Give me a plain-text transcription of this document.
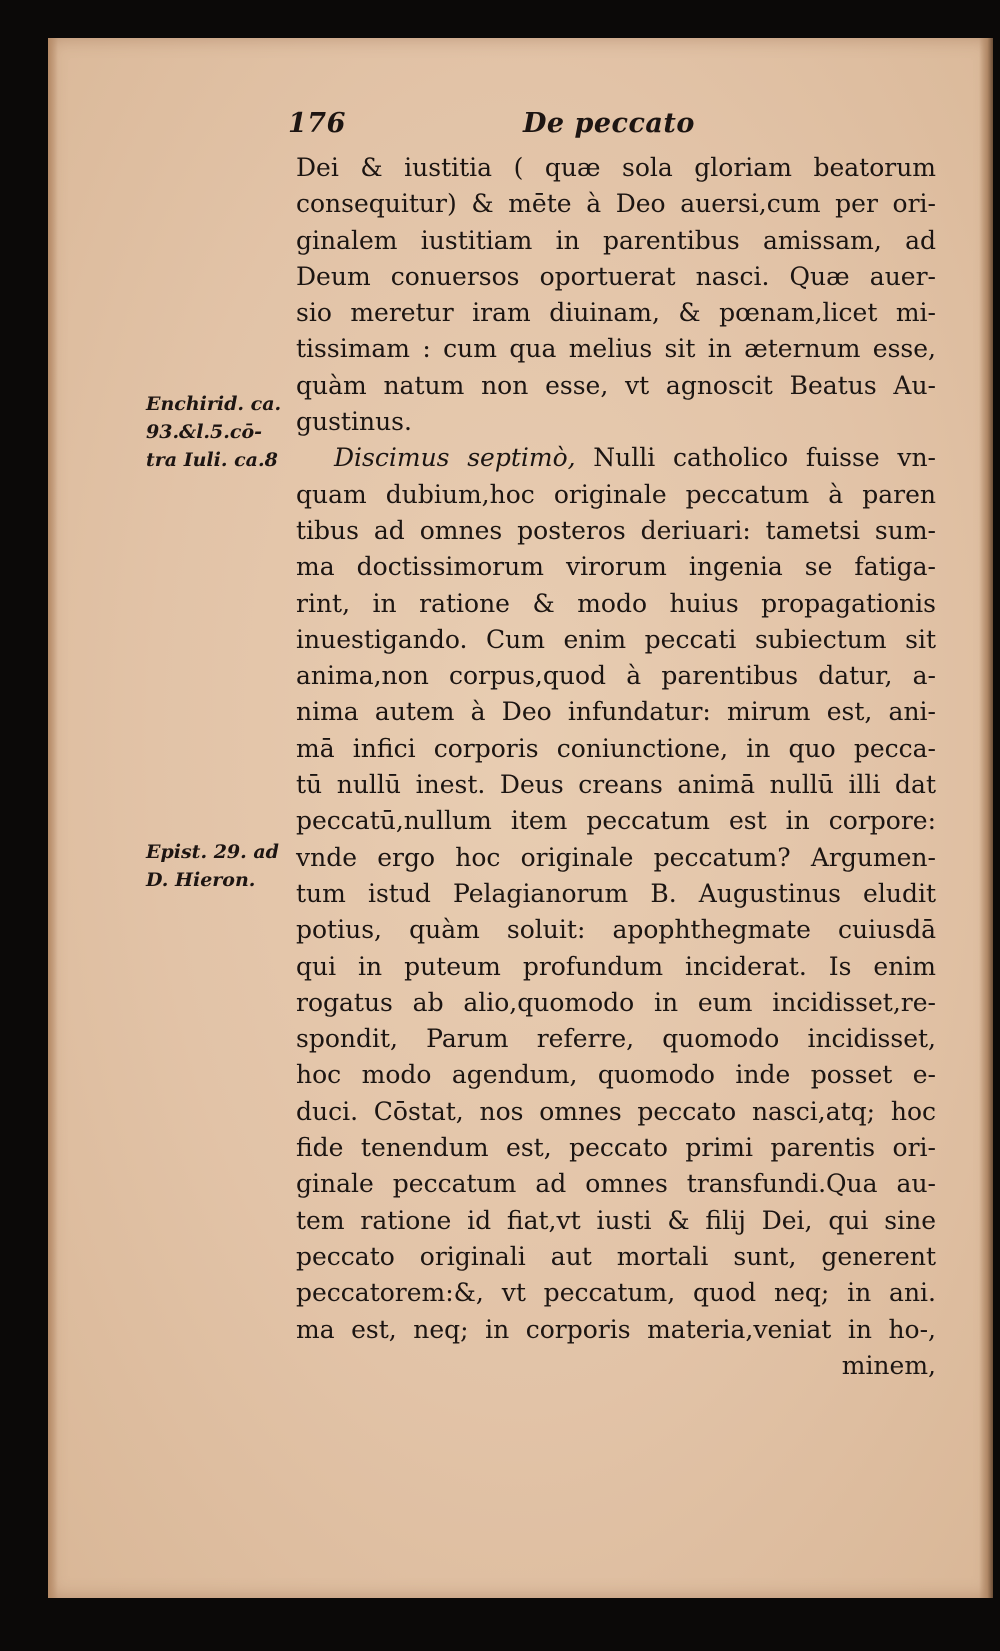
176	De peccato
Enchirid. ca.
93.&l.5.cō-
tra Iuli. ca.8
Epist. 29. ad
D. Hieron.
Dei & iustitia ( quæ sola gloriam beatorum
consequitur) & mēte à Deo auersi,cum per ori-
ginalem iustitiam in parentibus amissam, ad
Deum conuersos oportuerat nasci. Quæ auer-
sio meretur iram diuinam, & pœnam,licet mi-
tissimam : cum qua melius sit in æternum esse,
quàm natum non esse, vt agnoscit Beatus Au-
gustinus.
Discimus septimò, Nulli catholico fuisse vn-
quam dubium,hoc originale peccatum à paren
tibus ad omnes posteros deriuari: tametsi sum-
ma doctissimorum virorum ingenia se fatiga-
rint, in ratione & modo huius propagationis
inuestigando. Cum enim peccati subiectum sit
anima,non corpus,quod à parentibus datur, a-
nima autem à Deo infundatur: mirum est, ani-
mā infici corporis coniunctione, in quo pecca-
tū nullū inest. Deus creans animā nullū illi dat
peccatū,nullum item peccatum est in corpore:
vnde ergo hoc originale peccatum? Argumen-
tum istud Pelagianorum B. Augustinus eludit
potius, quàm soluit: apophthegmate cuiusdā
qui in puteum profundum inciderat. Is enim
rogatus ab alio,quomodo in eum incidisset,re-
spondit, Parum referre, quomodo incidisset,
hoc modo agendum, quomodo inde posset e-
duci. Cōstat, nos omnes peccato nasci,atq; hoc
fide tenendum est, peccato primi parentis ori-
ginale peccatum ad omnes transfundi.Qua au-
tem ratione id fiat,vt iusti & filij Dei, qui sine
peccato originali aut mortali sunt, generent
peccatorem:&, vt peccatum, quod neq; in ani.
ma est, neq; in corporis materia,veniat in ho-,
minem,
